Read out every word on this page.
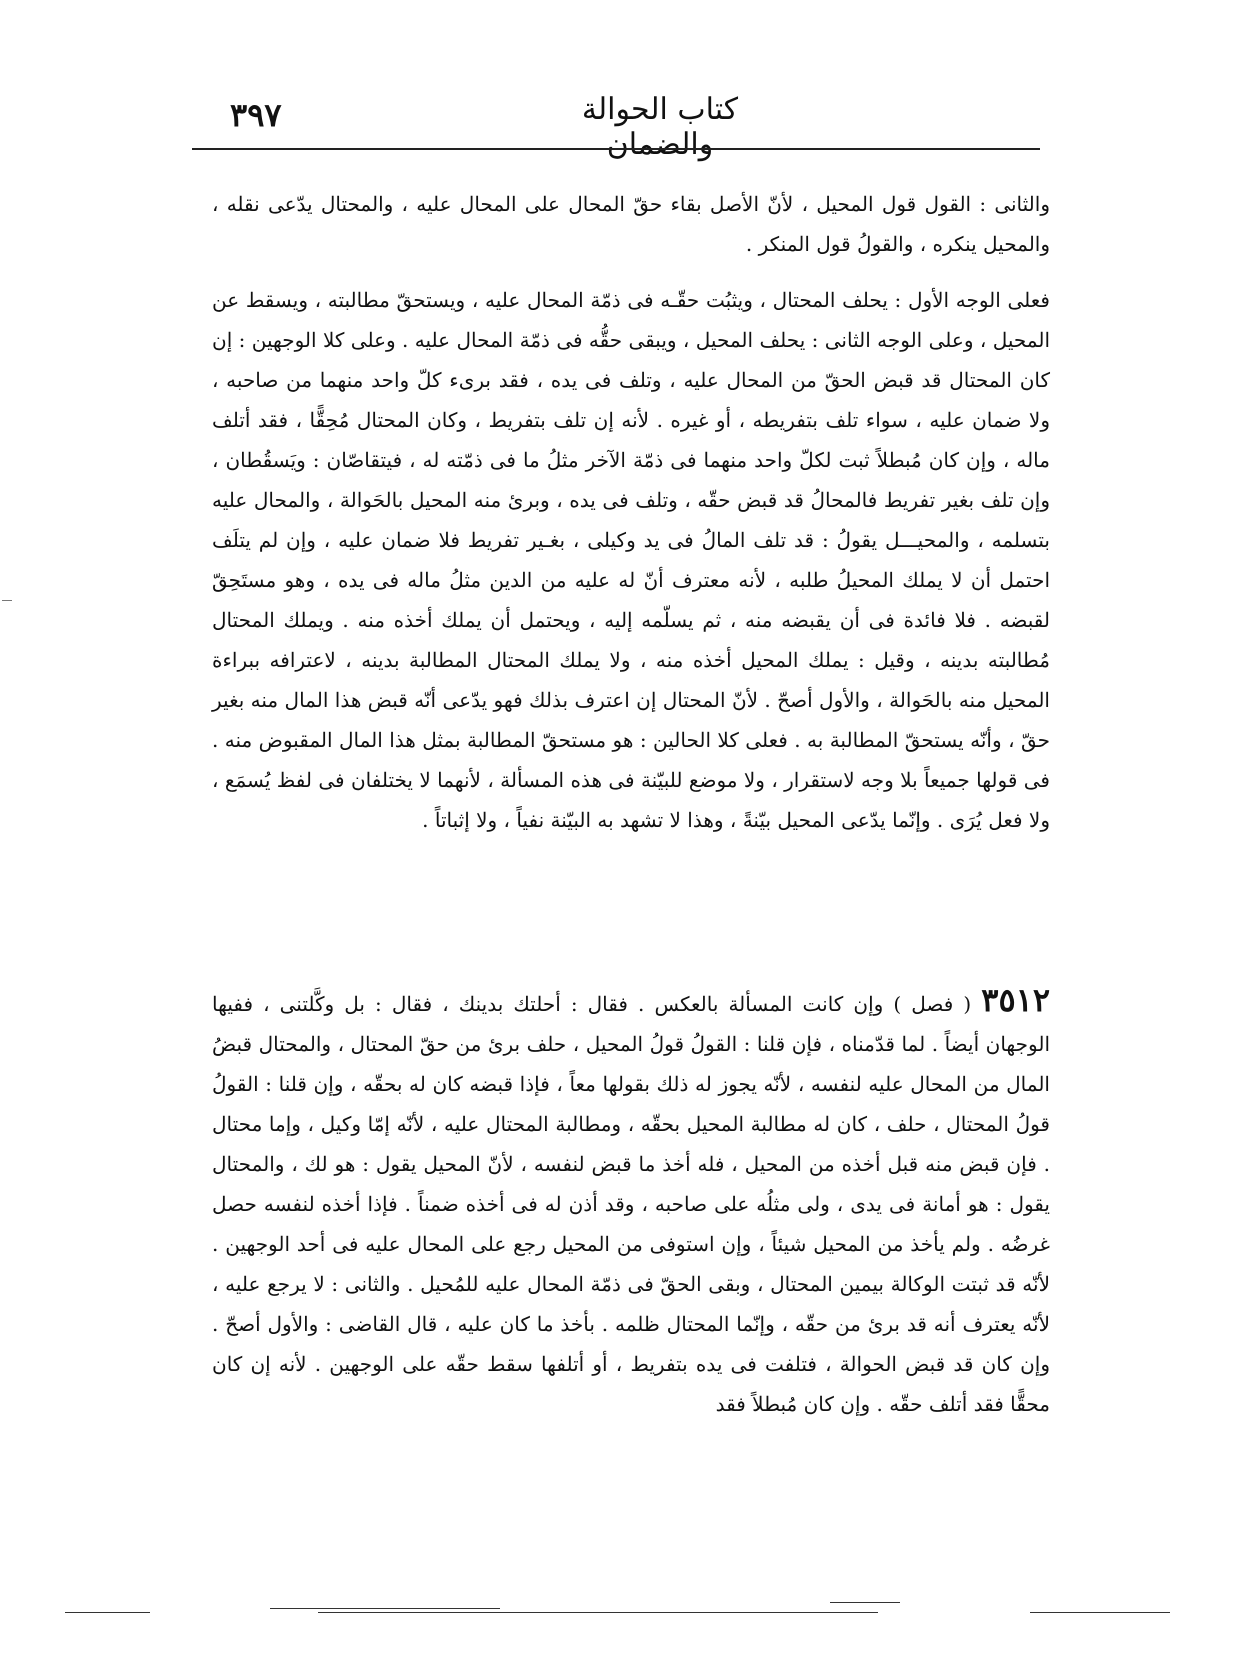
٣٩٧	كتاب الحوالة والضمان

والثانى : القول قول المحيل ، لأنّ الأصل بقاء حقّ المحال على المحال عليه ، والمحتال يدّعى نقله ، والمحيل ينكره ، والقولُ قول المنكر .

فعلى الوجه الأول : يحلف المحتال ، ويثبُت حقّـه فى ذمّة المحال عليه ، ويستحقّ مطالبته ، ويسقط عن المحيل ، وعلى الوجه الثانى : يحلف المحيل ، ويبقى حقُّه فى ذمّة المحال عليه . وعلى كلا الوجهين : إن كان المحتال قد قبض الحقّ من المحال عليه ، وتلف فى يده ، فقد برىء كلّ واحد منهما من صاحبه ، ولا ضمان عليه ، سواء تلف بتفريطه ، أو غيره . لأنه إن تلف بتفريط ، وكان المحتال مُحِقًّا ، فقد أتلف ماله ، وإن كان مُبطلاً ثبت لكلّ واحد منهما فى ذمّة الآخر مثلُ ما فى ذمّته له ، فيتقاصّان : ويَسقُطان ، وإن تلف بغير تفريط فالمحالُ قد قبض حقّه ، وتلف فى يده ، وبرئ منه المحيل بالحَوالة ، والمحال عليه بتسلمه ، والمحيـــل يقولُ : قد تلف المالُ فى يد وكيلى ، بغـير تفريط فلا ضمان عليه ، وإن لم يتلَف احتمل أن لا يملك المحيلُ طلبه ، لأنه معترف أنّ له عليه من الدين مثلُ ماله فى يده ، وهو مستَحِقّ لقبضه . فلا فائدة فى أن يقبضه منه ، ثم يسلّمه إليه ، ويحتمل أن يملك أخذه منه . ويملك المحتال مُطالبته بدينه ، وقيل : يملك المحيل أخذه منه ، ولا يملك المحتال المطالبة بدينه ، لاعترافه ببراءة المحيل منه بالحَوالة ، والأول أصحّ . لأنّ المحتال إن اعترف بذلك فهو يدّعى أنّه قبض هذا المال منه بغير حقّ ، وأنّه يستحقّ المطالبة به . فعلى كلا الحالين : هو مستحقّ المطالبة بمثل هذا المال المقبوض منه . فى قولها جميعاً بلا وجه لاستقرار ، ولا موضع للبيّنة فى هذه المسألة ، لأنهما لا يختلفان فى لفظ يُسمَع ، ولا فعل يُرَى . وإنّما يدّعى المحيل بيّنةً ، وهذا لا تشهد به البيّنة نفياً ، ولا إثباتاً .

٣٥١٢ ( فصل ) وإن كانت المسألة بالعكس . فقال : أحلتك بدينك ، فقال : بل وكَّلتنى ، ففيها الوجهان أيضاً . لما قدّمناه ، فإن قلنا : القولُ قولُ المحيل ، حلف برئ من حقّ المحتال ، والمحتال قبضُ المال من المحال عليه لنفسه ، لأنّه يجوز له ذلك بقولها معاً ، فإذا قبضه كان له بحقّه ، وإن قلنا : القولُ قولُ المحتال ، حلف ، كان له مطالبة المحيل بحقّه ، ومطالبة المحتال عليه ، لأنّه إمّا وكيل ، وإما محتال . فإن قبض منه قبل أخذه من المحيل ، فله أخذ ما قبض لنفسه ، لأنّ المحيل يقول : هو لك ، والمحتال يقول : هو أمانة فى يدى ، ولى مثلُه على صاحبه ، وقد أذن له فى أخذه ضمناً . فإذا أخذه لنفسه حصل غرضُه . ولم يأخذ من المحيل شيئاً ، وإن استوفى من المحيل رجع على المحال عليه فى أحد الوجهين . لأنّه قد ثبتت الوكالة بيمين المحتال ، وبقى الحقّ فى ذمّة المحال عليه للمُحيل . والثانى : لا يرجع عليه ، لأنّه يعترف أنه قد برئ من حقّه ، وإنّما المحتال ظلمه . بأخذ ما كان عليه ، قال القاضى : والأول أصحّ . وإن كان قد قبض الحوالة ، فتلفت فى يده بتفريط ، أو أتلفها سقط حقّه على الوجهين . لأنه إن كان محقًّا فقد أتلف حقّه . وإن كان مُبطلاً فقد
